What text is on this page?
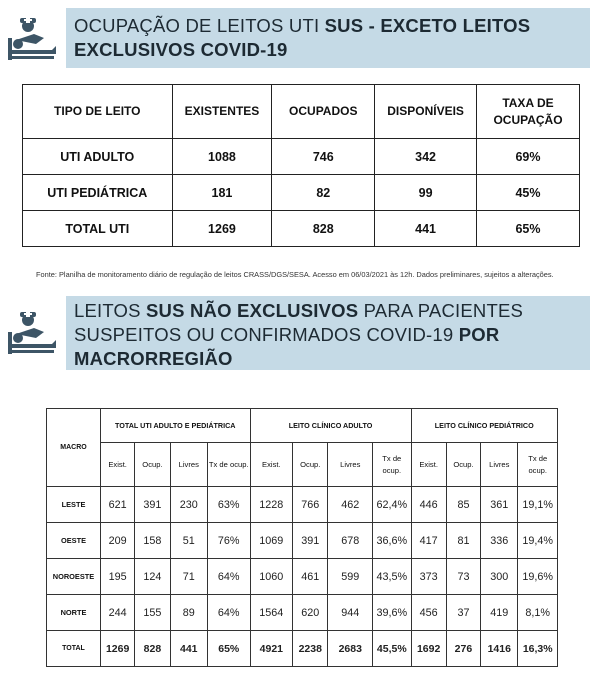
OCUPAÇÃO DE LEITOS UTI SUS - EXCETO LEITOS EXCLUSIVOS COVID-19
TIPO DE LEITO	EXISTENTES	OCUPADOS	DISPONÍVEIS	TAXA DE OCUPAÇÃO
UTI ADULTO	1088	746	342	69%
UTI PEDIÁTRICA	181	82	99	45%
TOTAL UTI	1269	828	441	65%
Fonte: Planilha de monitoramento diário de regulação de leitos CRASS/DGS/SESA. Acesso em 06/03/2021 às 12h. Dados preliminares, sujeitos a alterações.
LEITOS SUS NÃO EXCLUSIVOS PARA PACIENTES SUSPEITOS OU CONFIRMADOS COVID-19 POR MACRORREGIÃO
MACRO	TOTAL UTI ADULTO E PEDIÁTRICA				LEITO CLÍNICO ADULTO				LEITO CLÍNICO PEDIÁTRICO			
	Exist.	Ocup.	Livres	Tx de ocup.	Exist.	Ocup.	Livres	Tx de ocup.	Exist.	Ocup.	Livres	Tx de ocup.
LESTE	621	391	230	63%	1228	766	462	62,4%	446	85	361	19,1%
OESTE	209	158	51	76%	1069	391	678	36,6%	417	81	336	19,4%
NOROESTE	195	124	71	64%	1060	461	599	43,5%	373	73	300	19,6%
NORTE	244	155	89	64%	1564	620	944	39,6%	456	37	419	8,1%
TOTAL	1269	828	441	65%	4921	2238	2683	45,5%	1692	276	1416	16,3%
